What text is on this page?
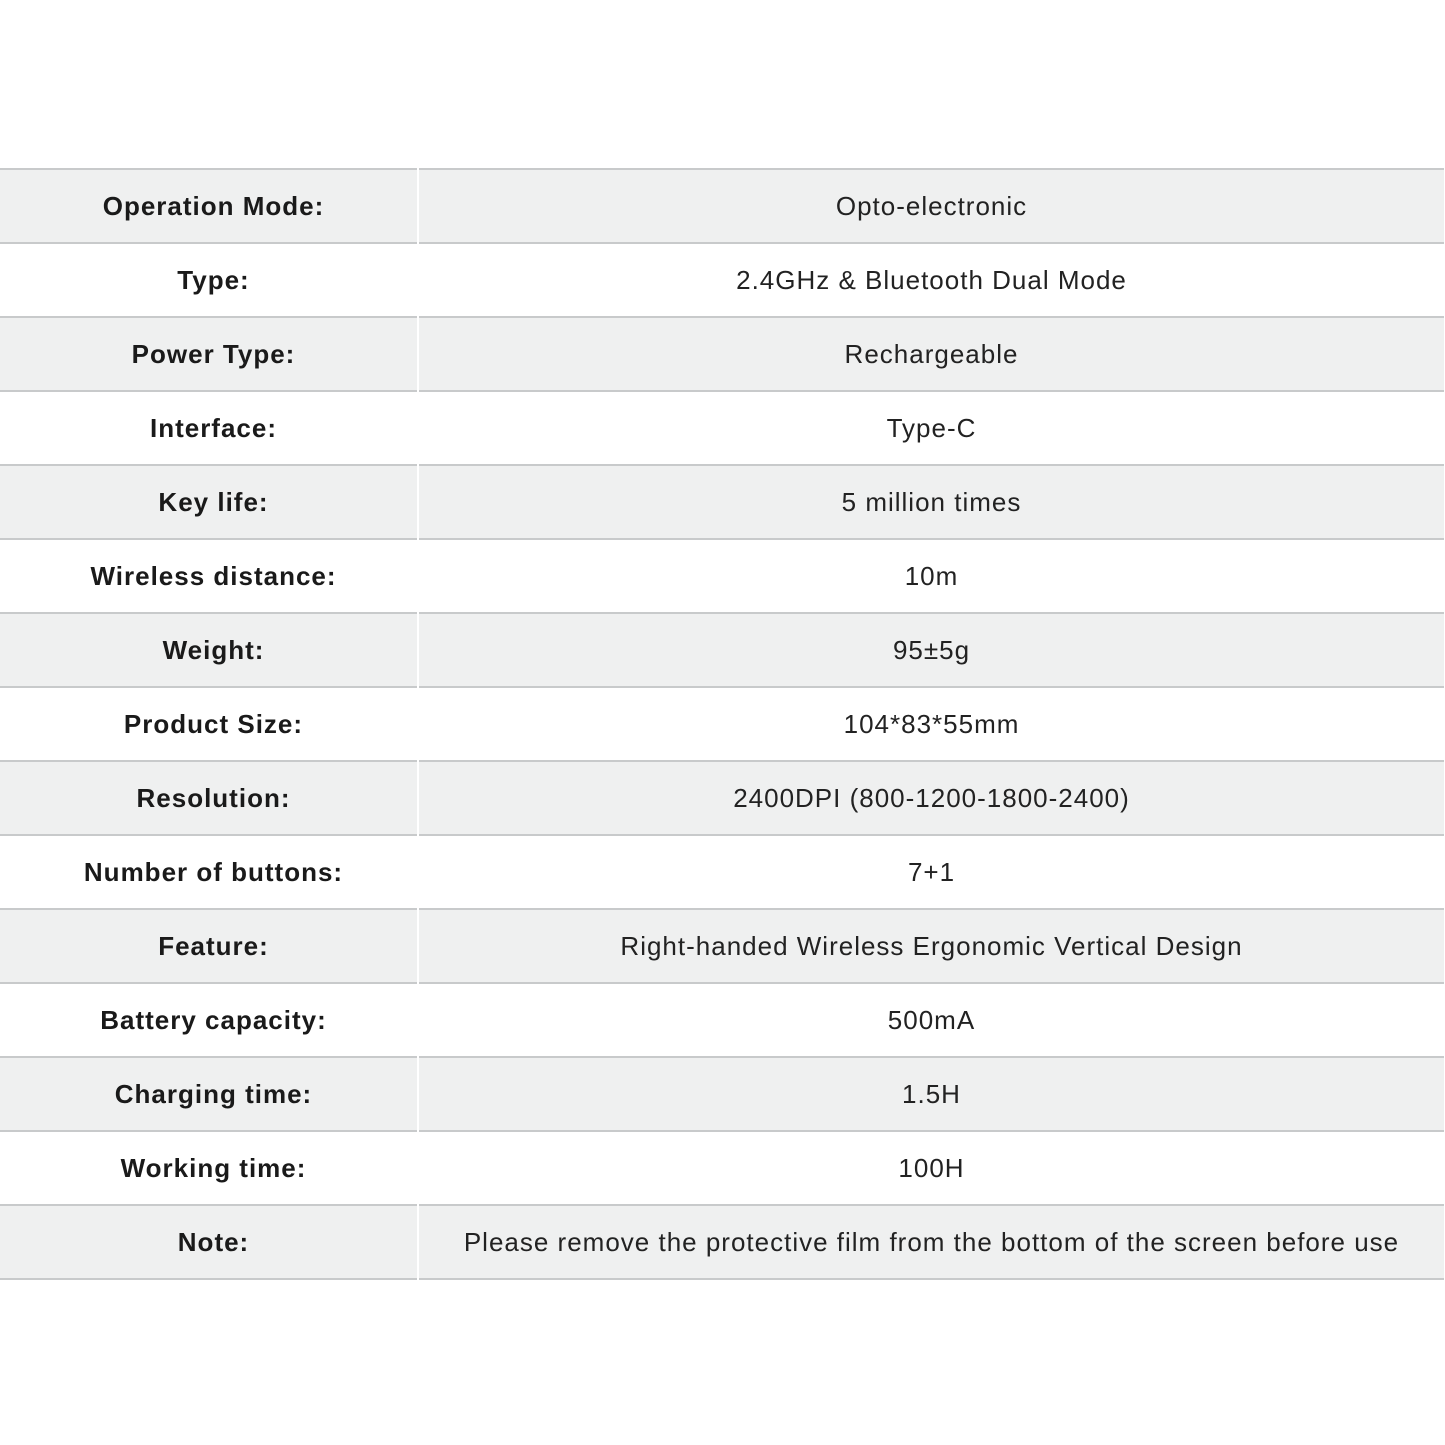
Operation Mode:	Opto-electronic
Type:	2.4GHz & Bluetooth Dual Mode
Power Type:	Rechargeable
Interface:	Type-C
Key life:	5 million times
Wireless distance:	10m
Weight:	95±5g
Product Size:	104*83*55mm
Resolution:	2400DPI (800-1200-1800-2400)
Number of buttons:	7+1
Feature:	Right-handed Wireless Ergonomic Vertical Design
Battery capacity:	500mA
Charging time:	1.5H
Working time:	100H
Note:	Please remove the protective film from the bottom of the screen before use
